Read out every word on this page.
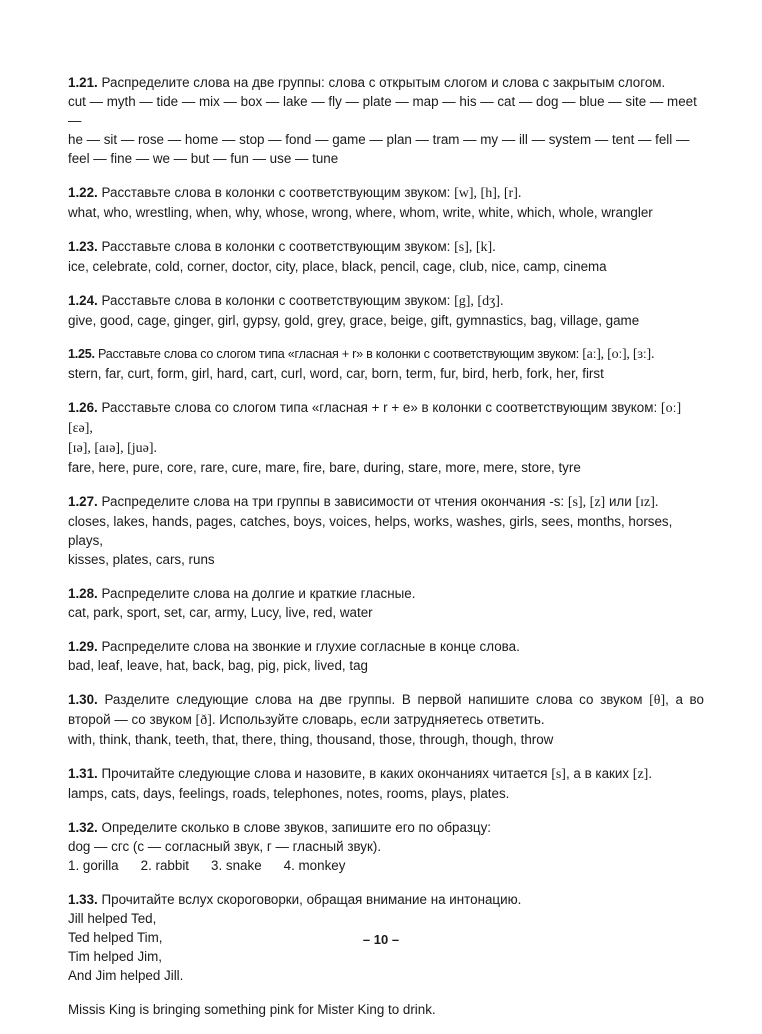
1.21. Распределите слова на две группы: слова с открытым слогом и слова с закрытым слогом.

cut — myth — tide — mix — box — lake — fly — plate — map — his — cat — dog — blue — site — meet —

he — sit — rose — home — stop — fond — game — plan — tram — my — ill — system — tent — fell —

feel — fine — we — but — fun — use — tune

1.22. Расставьте слова в колонки с соответствующим звуком: [w], [h], [r].

what, who, wrestling, when, why, whose, wrong, where, whom, write, white, which, whole, wrangler

1.23. Расставьте слова в колонки с соответствующим звуком: [s], [k].

ice, celebrate, cold, corner, doctor, city, place, black, pencil, cage, club, nice, camp, cinema

1.24. Расставьте слова в колонки с соответствующим звуком: [g], [dʒ].

give, good, cage, ginger, girl, gypsy, gold, grey, grace, beige, gift, gymnastics, bag, village, game

1.25. Расставьте слова со слогом типа «гласная + r» в колонки с соответствующим звуком: [aː], [oː], [ɜː].

stern, far, curt, form, girl, hard, cart, curl, word, car, born, term, fur, bird, herb, fork, her, first

1.26. Расставьте слова со слогом типа «гласная + r + e» в колонки с соответствующим звуком: [oː] [εə],

[ɪə], [aɪə], [juə].

fare, here, pure, core, rare, cure, mare, fire, bare, during, stare, more, mere, store, tyre

1.27. Распределите слова на три группы в зависимости от чтения окончания -s: [s], [z] или [ɪz].

closes, lakes, hands, pages, catches, boys, voices, helps, works, washes, girls, sees, months, horses, plays,

kisses, plates, cars, runs

1.28. Распределите слова на долгие и краткие гласные.

cat, park, sport, set, car, army, Lucy, live, red, water

1.29. Распределите слова на звонкие и глухие согласные в конце слова.

bad, leaf, leave, hat, back, bag, pig, pick, lived, tag

1.30. Разделите следующие слова на две группы. В первой напишите слова со звуком [θ], а во второй — со звуком [ð]. Используйте словарь, если затрудняетесь ответить.

with, think, thank, teeth, that, there, thing, thousand, those, through, though, throw

1.31. Прочитайте следующие слова и назовите, в каких окончаниях читается [s], а в каких [z].

lamps, cats, days, feelings, roads, telephones, notes, rooms, plays, plates.

1.32. Определите сколько в слове звуков, запишите его по образцу:

dog — сгс (с — согласный звук, г — гласный звук).

1. gorilla 2. rabbit 3. snake 4. monkey

1.33. Прочитайте вслух скороговорки, обращая внимание на интонацию.

Jill helped Ted,

Ted helped Tim,

Tim helped Jim,

And Jim helped Jill.

Missis King is bringing something pink for Mister King to drink.

– 10 –
